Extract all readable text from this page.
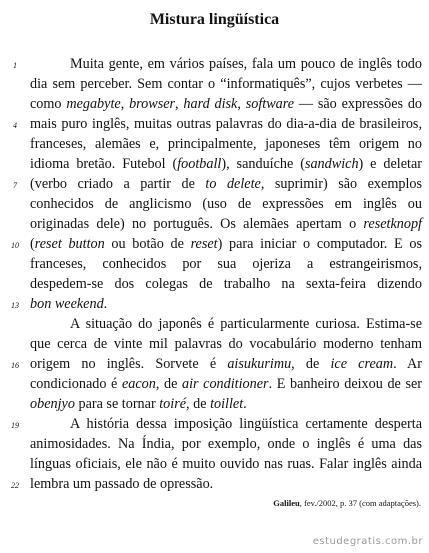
Mistura lingüística
1	Muita gente, em vários países, fala um pouco de inglês todo
dia sem perceber. Sem contar o “informatiquês”, cujos verbetes —
como megabyte, browser, hard disk, software — são expressões do
4 mais puro inglês, muitas outras palavras do dia-a-dia de brasileiros,
franceses, alemães e, principalmente, japoneses têm origem no
idioma bretão. Futebol (football), sanduíche (sandwich) e deletar
7 (verbo criado a partir de to delete, suprimir) são exemplos
conhecidos de anglicismo (uso de expressões em inglês ou
originadas dele) no português. Os alemães apertam o resetknopf
10 (reset button ou botão de reset) para iniciar o computador. E os
franceses, conhecidos por sua ojeriza a estrangeirismos,
despedem-se dos colegas de trabalho na sexta-feira dizendo
13 bon weekend.
A situação do japonês é particularmente curiosa. Estima-se
que cerca de vinte mil palavras do vocabulário moderno tenham
16 origem no inglês. Sorvete é aisukurimu, de ice cream. Ar
condicionado é eacon, de air conditioner. E banheiro deixou de ser
obenjyo para se tornar toiré, de toillet.
19	A história dessa imposição lingüística certamente desperta
animosidades. Na Índia, por exemplo, onde o inglês é uma das
línguas oficiais, ele não é muito ouvido nas ruas. Falar inglês ainda
22 lembra um passado de opressão.
Galileu, fev./2002, p. 37 (com adaptações).
estudegratis.com.br
